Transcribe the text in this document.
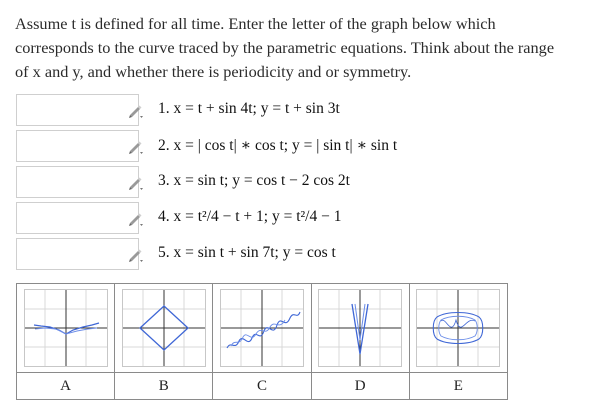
Assume t is defined for all time. Enter the letter of the graph below which
corresponds to the curve traced by the parametric equations. Think about the range
of x and y, and whether there is periodicity and or symmetry.
1. x = t + sin 4t; y = t + sin 3t
2. x = | cos t| ∗ cos t; y = | sin t| ∗ sin t
3. x = sin t; y = cos t − 2 cos 2t
4. x = t²/4 − t + 1; y = t²/4 − 1
5. x = sin t + sin 7t; y = cos t

A	B	C	D	E
